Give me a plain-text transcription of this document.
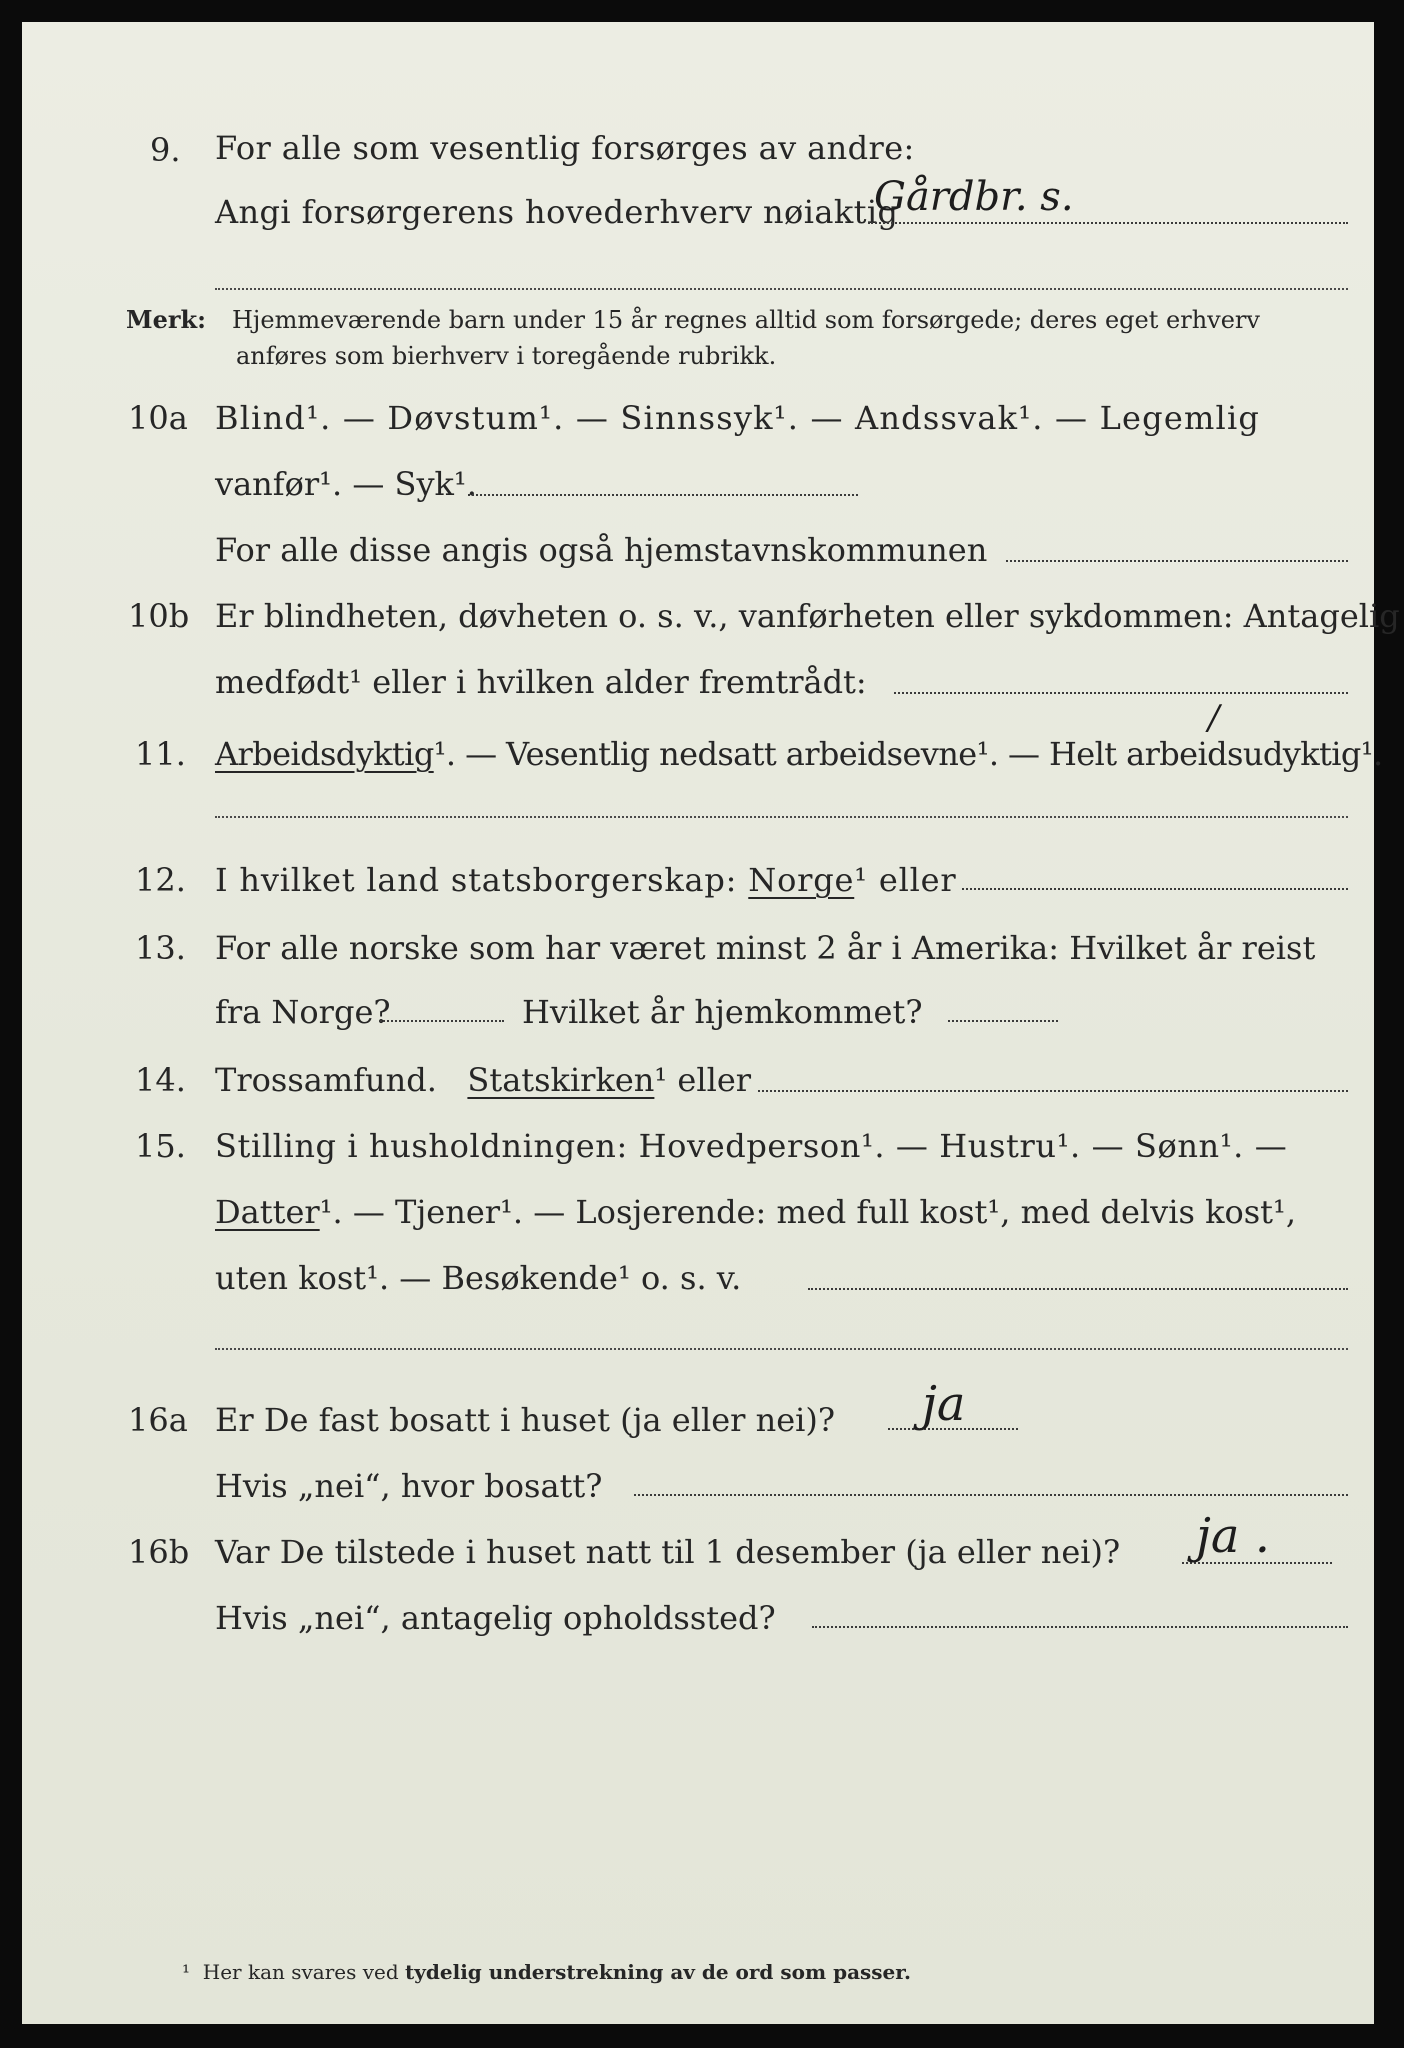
9. For alle som vesentlig forsørges av andre:
Angi forsørgerens hovederhverv nøiaktig
Gårdbr. s.
Merk: Hjemmeværende barn under 15 år regnes alltid som forsørgede; deres eget erhverv
anføres som bierhverv i toregående rubrikk.
10a Blind¹. — Døvstum¹. — Sinnssyk¹. — Andssvak¹. — Legemlig
vanfør¹. — Syk¹.
For alle disse angis også hjemstavnskommunen
10b Er blindheten, døvheten o. s. v., vanførheten eller sykdommen: Antagelig
medfødt¹ eller i hvilken alder fremtrådt:
/
11. Arbeidsdyktig¹. — Vesentlig nedsatt arbeidsevne¹. — Helt arbeidsudyktig¹.
12. I hvilket land statsborgerskap: Norge¹ eller
13. For alle norske som har været minst 2 år i Amerika: Hvilket år reist
fra Norge?	Hvilket år hjemkommet?
14. Trossamfund. Statskirken¹ eller
15. Stilling i husholdningen: Hovedperson¹. — Hustru¹. — Sønn¹. —
Datter¹. — Tjener¹. — Losjerende: med full kost¹, med delvis kost¹,
uten kost¹. — Besøkende¹ o. s. v.
16a Er De fast bosatt i huset (ja eller nei)? ja
Hvis „nei“, hvor bosatt?
16b Var De tilstede i huset natt til 1 desember (ja eller nei)? ja .
Hvis „nei“, antagelig opholdssted?
¹ Her kan svares ved tydelig understrekning av de ord som passer.
